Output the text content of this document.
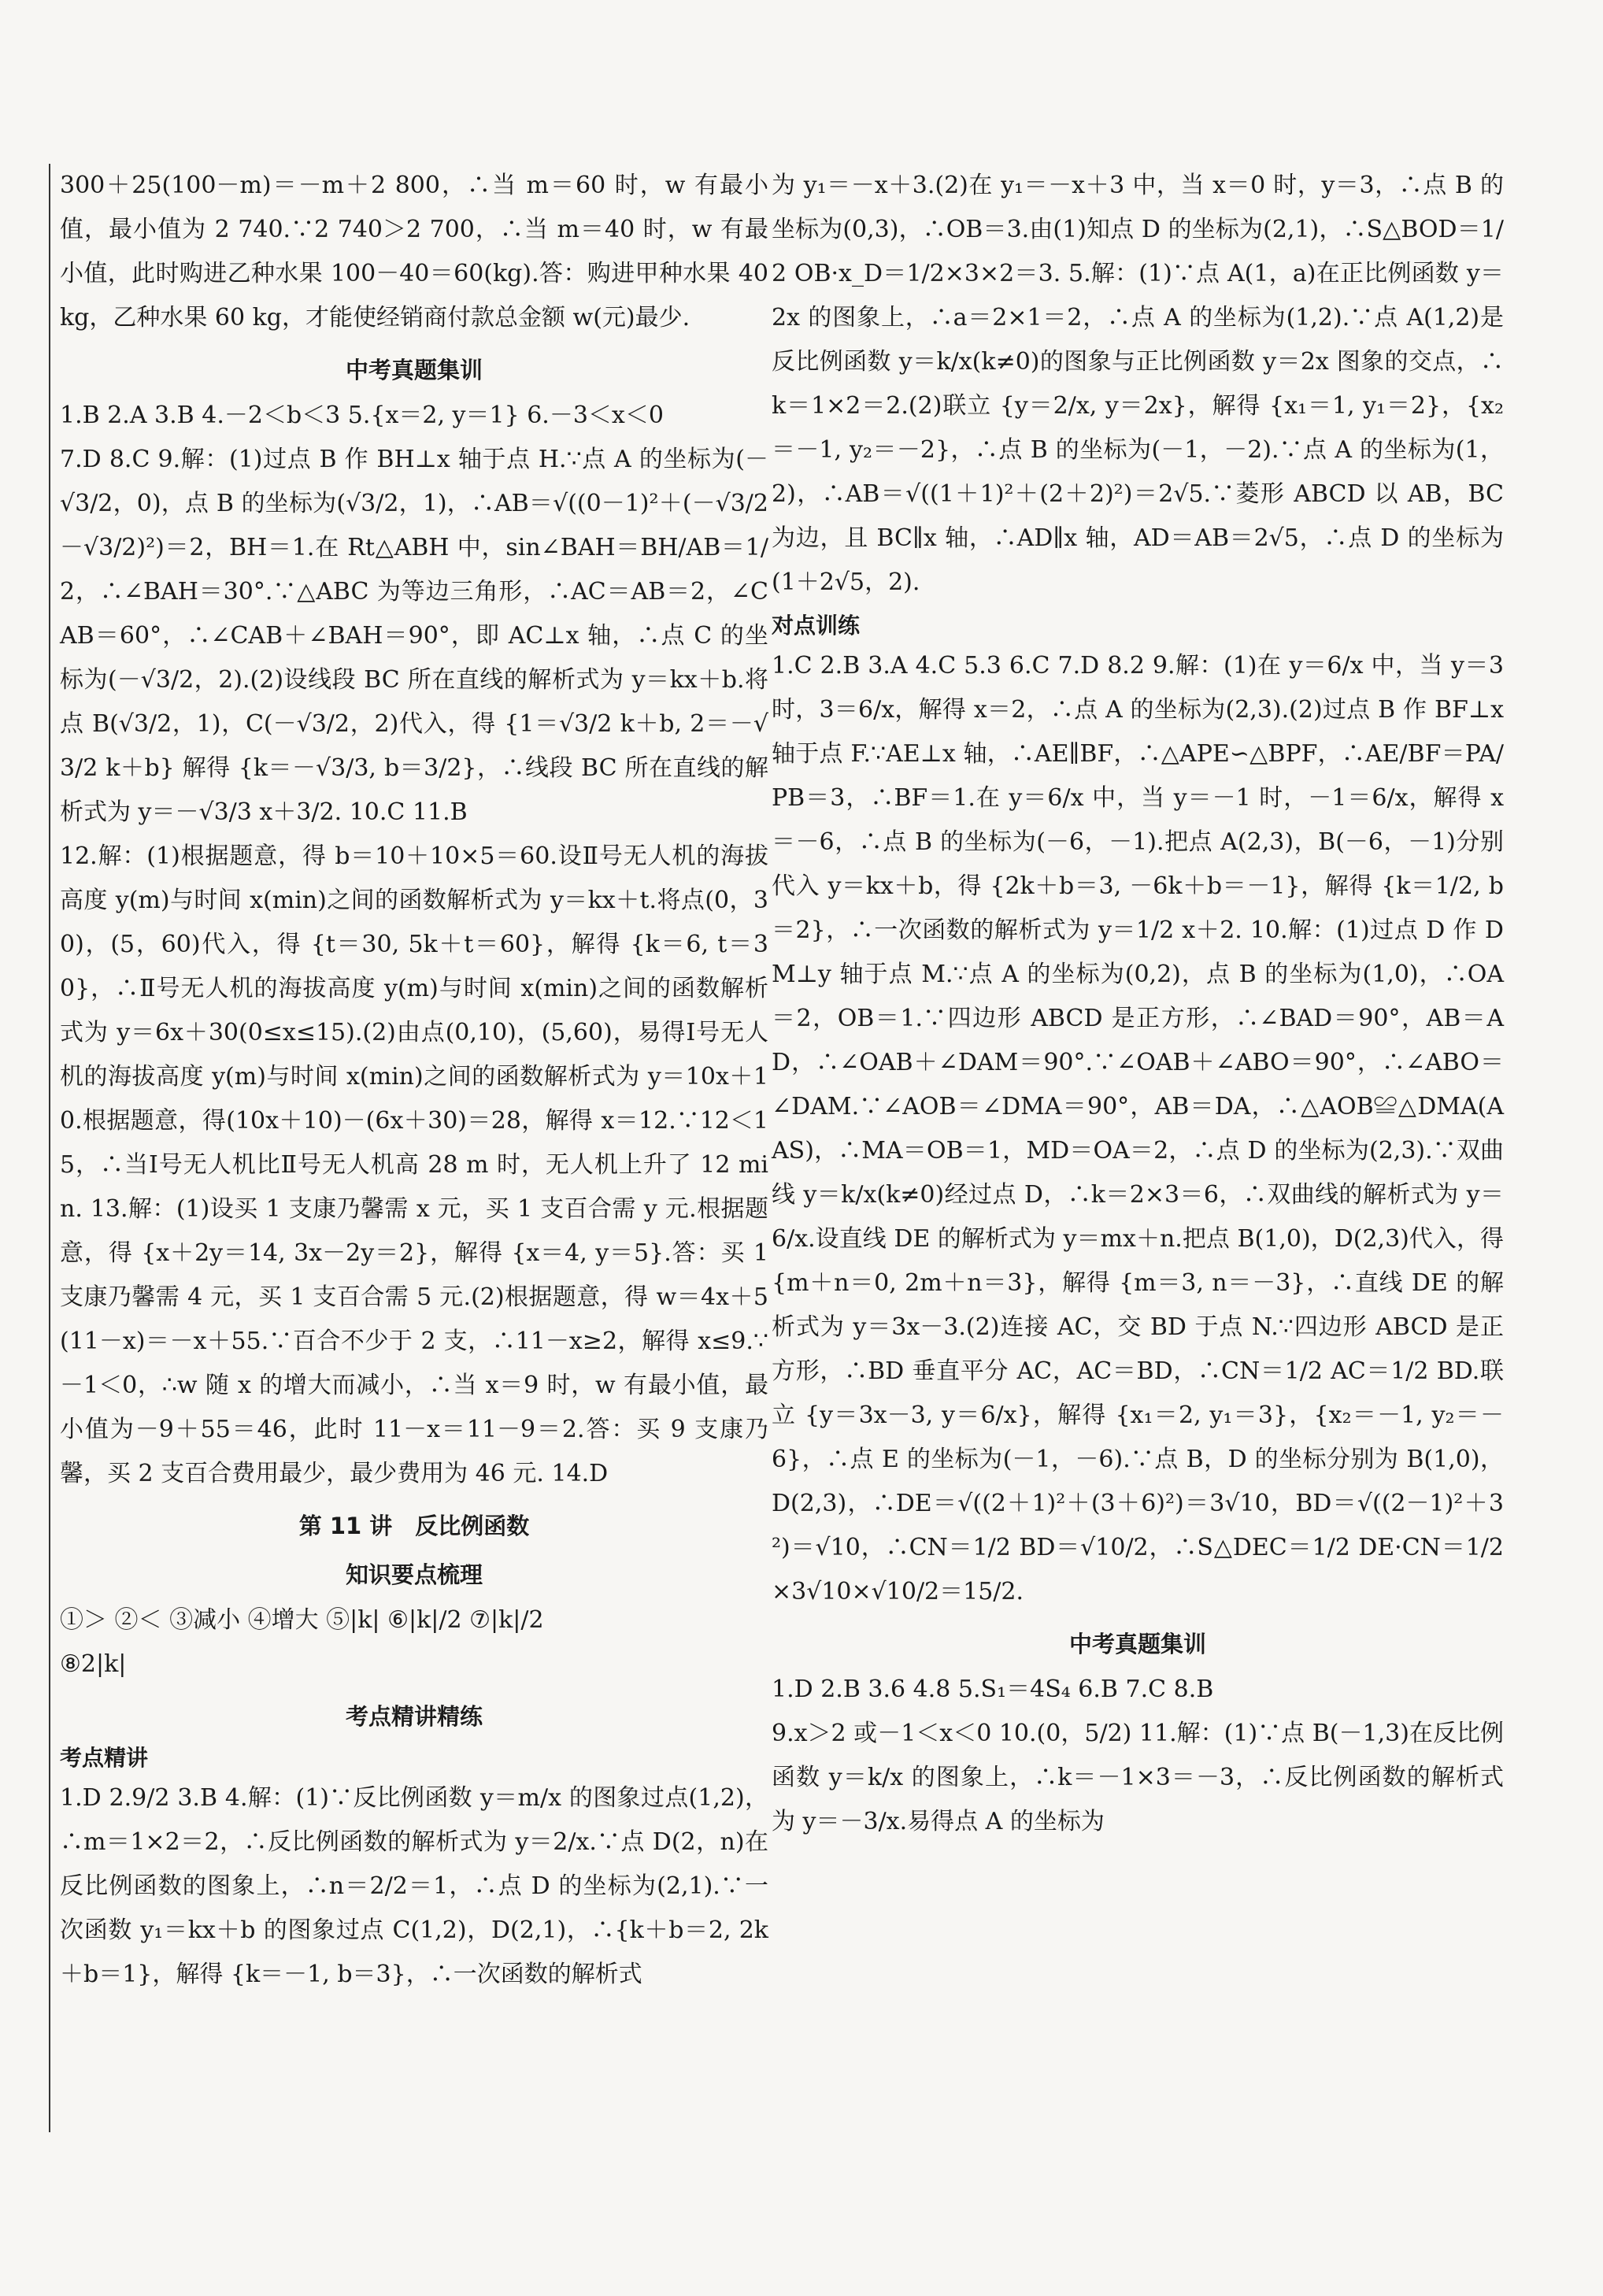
300＋25(100－m)＝－m＋2 800，∴当 m＝60 时，w 有最小值，最小值为 2 740.∵2 740＞2 700，∴当 m＝40 时，w 有最小值，此时购进乙种水果 100－40＝60(kg).答：购进甲种水果 40 kg，乙种水果 60 kg，才能使经销商付款总金额 w(元)最少.

中考真题集训

1.B 2.A 3.B 4.－2＜b＜3 5.{x＝2, y＝1} 6.－3＜x＜0

7.D 8.C 9.解：(1)过点 B 作 BH⊥x 轴于点 H.∵点 A 的坐标为(－√3/2，0)，点 B 的坐标为(√3/2，1)，∴AB＝√((0－1)²＋(－√3/2－√3/2)²)＝2，BH＝1.在 Rt△ABH 中，sin∠BAH＝BH/AB＝1/2，∴∠BAH＝30°.∵△ABC 为等边三角形，∴AC＝AB＝2，∠CAB＝60°，∴∠CAB＋∠BAH＝90°，即 AC⊥x 轴，∴点 C 的坐标为(－√3/2，2).(2)设线段 BC 所在直线的解析式为 y＝kx＋b.将点 B(√3/2，1)，C(－√3/2，2)代入，得 {1＝√3/2 k＋b, 2＝－√3/2 k＋b} 解得 {k＝－√3/3, b＝3/2}，∴线段 BC 所在直线的解析式为 y＝－√3/3 x＋3/2. 10.C 11.B

12.解：(1)根据题意，得 b＝10＋10×5＝60.设Ⅱ号无人机的海拔高度 y(m)与时间 x(min)之间的函数解析式为 y＝kx＋t.将点(0，30)，(5，60)代入，得 {t＝30, 5k＋t＝60}，解得 {k＝6, t＝30}，∴Ⅱ号无人机的海拔高度 y(m)与时间 x(min)之间的函数解析式为 y＝6x＋30(0≤x≤15).(2)由点(0,10)，(5,60)，易得Ⅰ号无人机的海拔高度 y(m)与时间 x(min)之间的函数解析式为 y＝10x＋10.根据题意，得(10x＋10)－(6x＋30)＝28，解得 x＝12.∵12＜15，∴当Ⅰ号无人机比Ⅱ号无人机高 28 m 时，无人机上升了 12 min. 13.解：(1)设买 1 支康乃馨需 x 元，买 1 支百合需 y 元.根据题意，得 {x＋2y＝14, 3x－2y＝2}，解得 {x＝4, y＝5}.答：买 1 支康乃馨需 4 元，买 1 支百合需 5 元.(2)根据题意，得 w＝4x＋5(11－x)＝－x＋55.∵百合不少于 2 支，∴11－x≥2，解得 x≤9.∵－1＜0，∴w 随 x 的增大而减小，∴当 x＝9 时，w 有最小值，最小值为－9＋55＝46，此时 11－x＝11－9＝2.答：买 9 支康乃馨，买 2 支百合费用最少，最少费用为 46 元. 14.D

第 11 讲　反比例函数
知识要点梳理

①＞ ②＜ ③减小 ④增大 ⑤|k| ⑥|k|/2 ⑦|k|/2

⑧2|k|

考点精讲精练
考点精讲

1.D 2.9/2 3.B 4.解：(1)∵反比例函数 y＝m/x 的图象过点(1,2)，∴m＝1×2＝2，∴反比例函数的解析式为 y＝2/x.∵点 D(2，n)在反比例函数的图象上，∴n＝2/2＝1，∴点 D 的坐标为(2,1).∵一次函数 y₁＝kx＋b 的图象过点 C(1,2)，D(2,1)，∴{k＋b＝2, 2k＋b＝1}，解得 {k＝－1, b＝3}，∴一次函数的解析式

为 y₁＝－x＋3.(2)在 y₁＝－x＋3 中，当 x＝0 时，y＝3，∴点 B 的坐标为(0,3)，∴OB＝3.由(1)知点 D 的坐标为(2,1)，∴S△BOD＝1/2 OB·x_D＝1/2×3×2＝3. 5.解：(1)∵点 A(1，a)在正比例函数 y＝2x 的图象上，∴a＝2×1＝2，∴点 A 的坐标为(1,2).∵点 A(1,2)是反比例函数 y＝k/x(k≠0)的图象与正比例函数 y＝2x 图象的交点，∴k＝1×2＝2.(2)联立 {y＝2/x, y＝2x}，解得 {x₁＝1, y₁＝2}，{x₂＝－1, y₂＝－2}，∴点 B 的坐标为(－1，－2).∵点 A 的坐标为(1，2)，∴AB＝√((1＋1)²＋(2＋2)²)＝2√5.∵菱形 ABCD 以 AB，BC 为边，且 BC∥x 轴，∴AD∥x 轴，AD＝AB＝2√5，∴点 D 的坐标为(1＋2√5，2).

对点训练

1.C 2.B 3.A 4.C 5.3 6.C 7.D 8.2 9.解：(1)在 y＝6/x 中，当 y＝3 时，3＝6/x，解得 x＝2，∴点 A 的坐标为(2,3).(2)过点 B 作 BF⊥x 轴于点 F.∵AE⊥x 轴，∴AE∥BF，∴△APE∽△BPF，∴AE/BF＝PA/PB＝3，∴BF＝1.在 y＝6/x 中，当 y＝－1 时，－1＝6/x，解得 x＝－6，∴点 B 的坐标为(－6，－1).把点 A(2,3)，B(－6，－1)分别代入 y＝kx＋b，得 {2k＋b＝3, －6k＋b＝－1}，解得 {k＝1/2, b＝2}，∴一次函数的解析式为 y＝1/2 x＋2. 10.解：(1)过点 D 作 DM⊥y 轴于点 M.∵点 A 的坐标为(0,2)，点 B 的坐标为(1,0)，∴OA＝2，OB＝1.∵四边形 ABCD 是正方形，∴∠BAD＝90°，AB＝AD，∴∠OAB＋∠DAM＝90°.∵∠OAB＋∠ABO＝90°，∴∠ABO＝∠DAM.∵∠AOB＝∠DMA＝90°，AB＝DA，∴△AOB≌△DMA(AAS)，∴MA＝OB＝1，MD＝OA＝2，∴点 D 的坐标为(2,3).∵双曲线 y＝k/x(k≠0)经过点 D，∴k＝2×3＝6，∴双曲线的解析式为 y＝6/x.设直线 DE 的解析式为 y＝mx＋n.把点 B(1,0)，D(2,3)代入，得 {m＋n＝0, 2m＋n＝3}，解得 {m＝3, n＝－3}，∴直线 DE 的解析式为 y＝3x－3.(2)连接 AC，交 BD 于点 N.∵四边形 ABCD 是正方形，∴BD 垂直平分 AC，AC＝BD，∴CN＝1/2 AC＝1/2 BD.联立 {y＝3x－3, y＝6/x}，解得 {x₁＝2, y₁＝3}，{x₂＝－1, y₂＝－6}，∴点 E 的坐标为(－1，－6).∵点 B，D 的坐标分别为 B(1,0)，D(2,3)，∴DE＝√((2＋1)²＋(3＋6)²)＝3√10，BD＝√((2－1)²＋3²)＝√10，∴CN＝1/2 BD＝√10/2，∴S△DEC＝1/2 DE·CN＝1/2×3√10×√10/2＝15/2.

中考真题集训

1.D 2.B 3.6 4.8 5.S₁＝4S₄ 6.B 7.C 8.B

9.x＞2 或－1＜x＜0 10.(0，5/2) 11.解：(1)∵点 B(－1,3)在反比例函数 y＝k/x 的图象上，∴k＝－1×3＝－3，∴反比例函数的解析式为 y＝－3/x.易得点 A 的坐标为
